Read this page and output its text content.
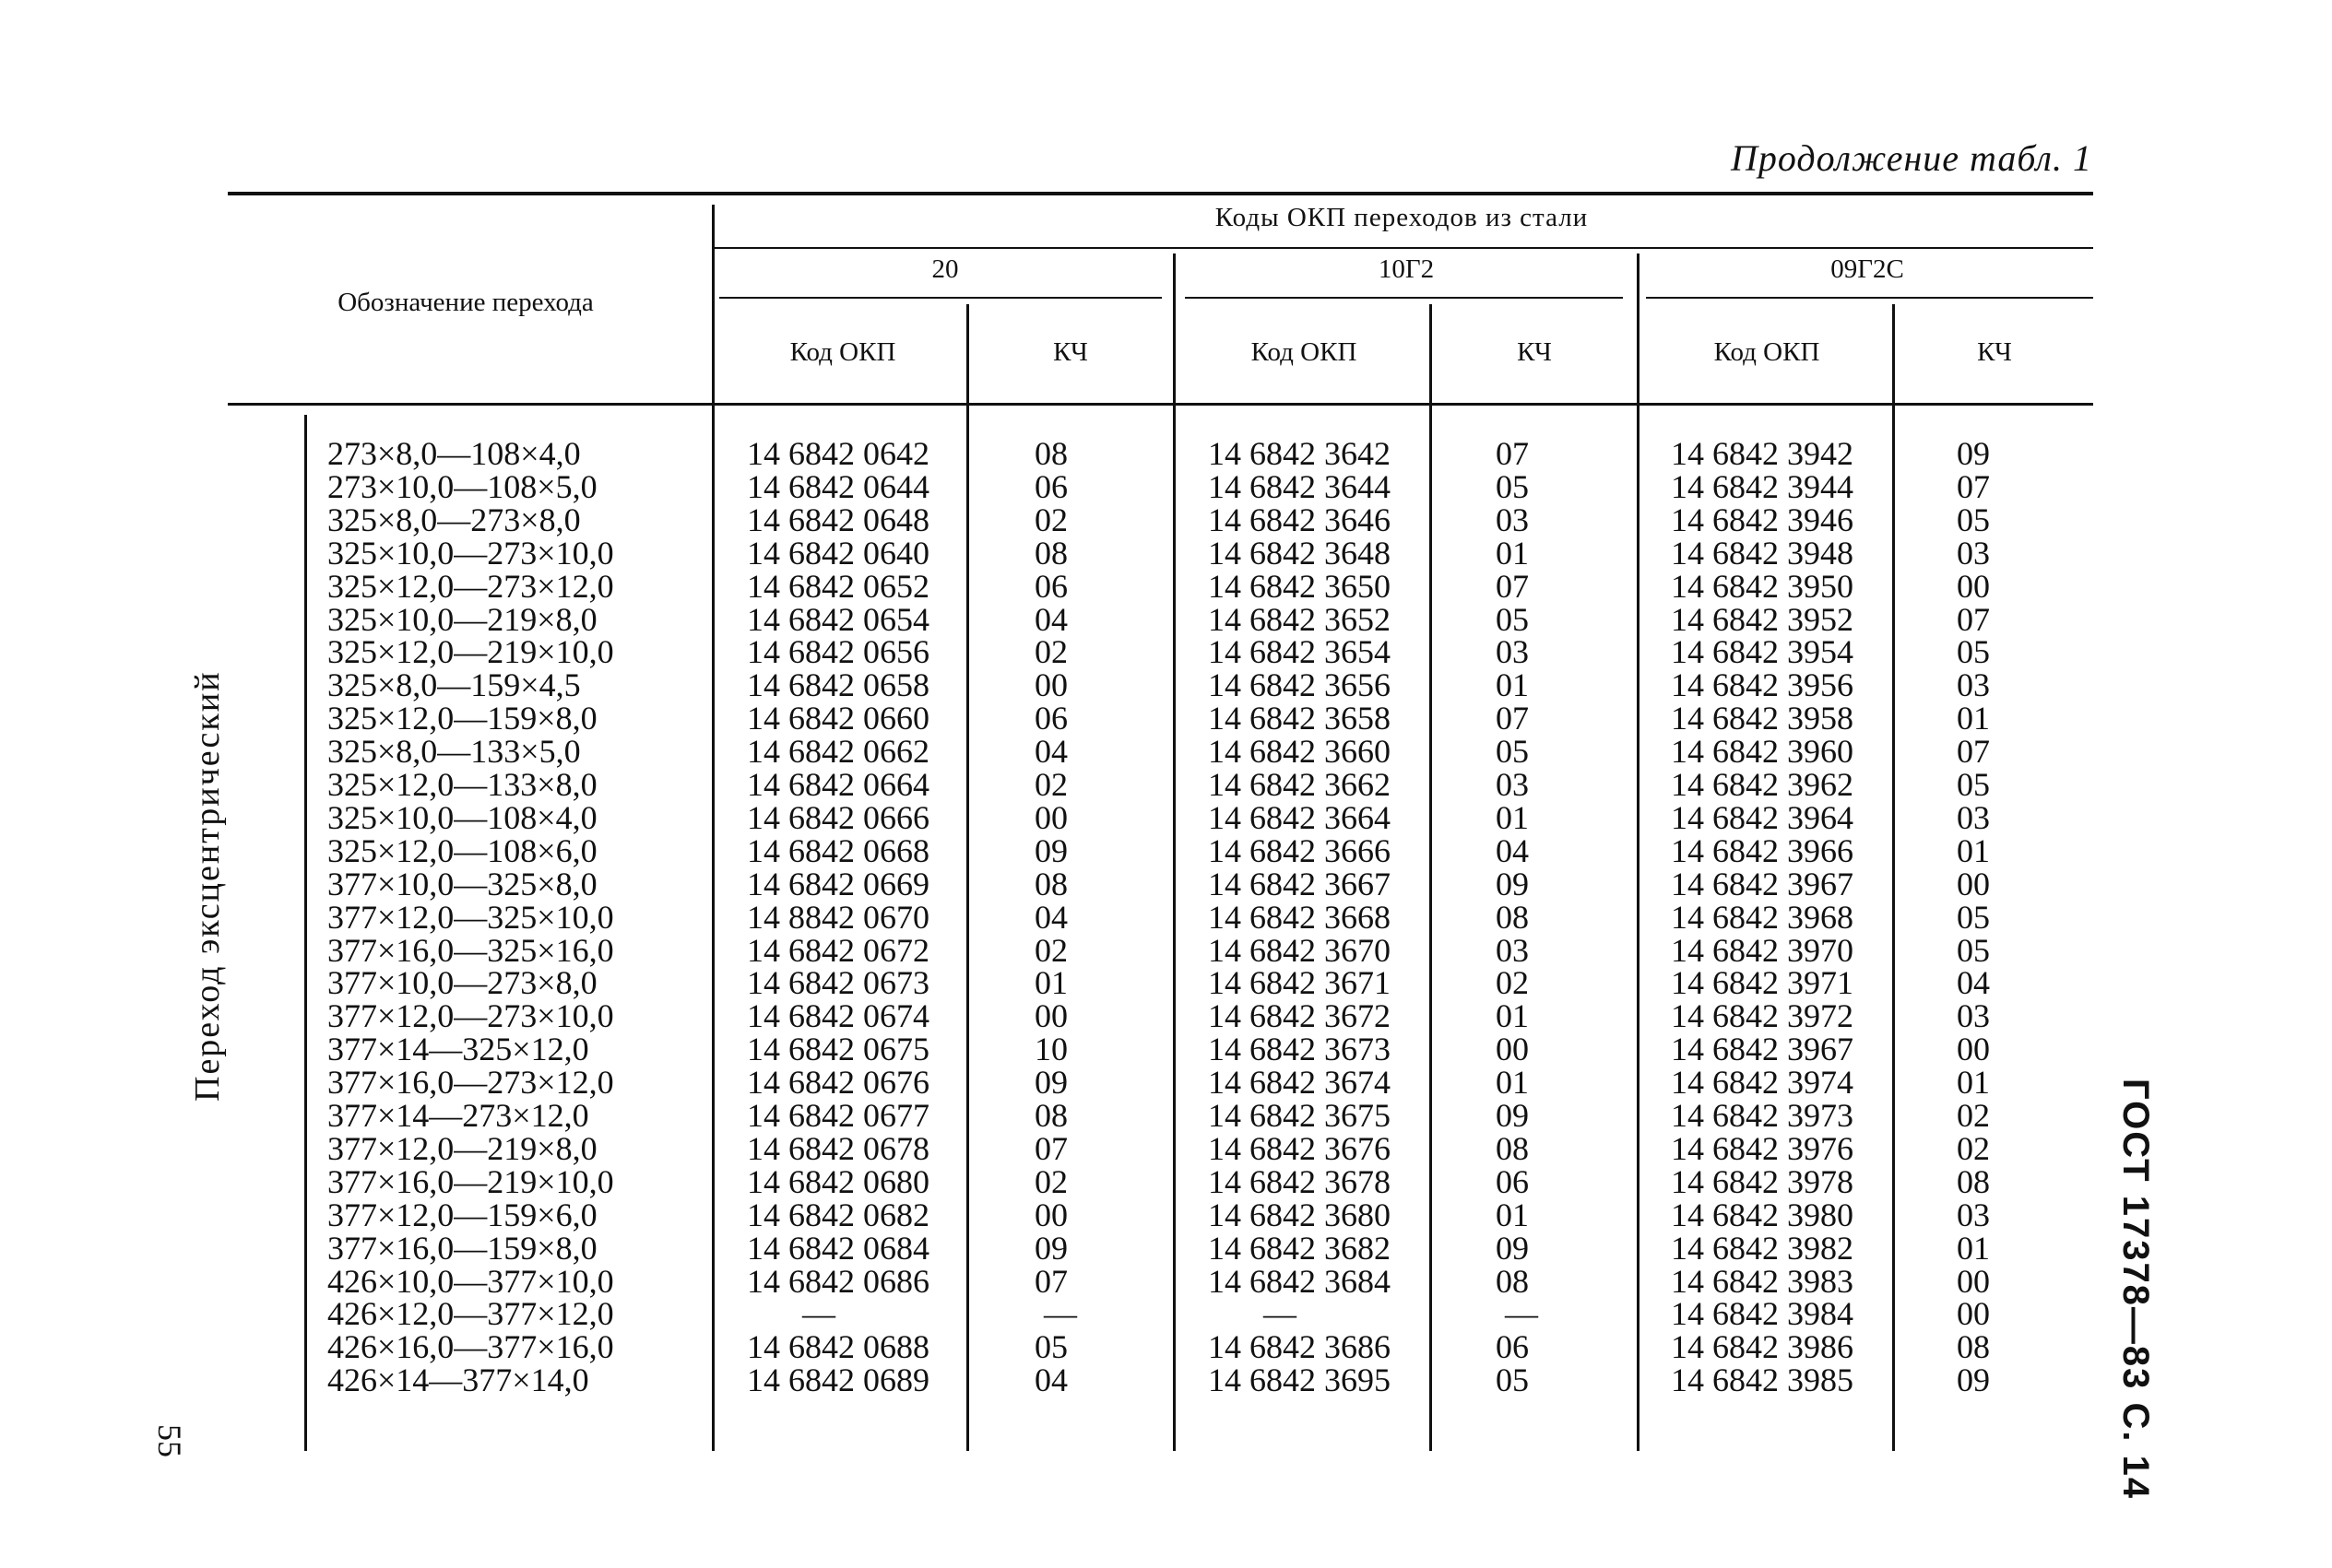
Продолжение табл. 1
Обозначение перехода
Коды ОКП переходов из стали
20	10Г2	09Г2С
Код ОКП	КЧ	Код ОКП	КЧ	Код ОКП	КЧ
Переход эксцентрический
ГОСТ 17378—83 С. 14
55
273×8,0—108×4,0	14 6842 0642	08	14 6842 3642	07	14 6842 3942	09
273×10,0—108×5,0	14 6842 0644	06	14 6842 3644	05	14 6842 3944	07
325×8,0—273×8,0	14 6842 0648	02	14 6842 3646	03	14 6842 3946	05
325×10,0—273×10,0	14 6842 0640	08	14 6842 3648	01	14 6842 3948	03
325×12,0—273×12,0	14 6842 0652	06	14 6842 3650	07	14 6842 3950	00
325×10,0—219×8,0	14 6842 0654	04	14 6842 3652	05	14 6842 3952	07
325×12,0—219×10,0	14 6842 0656	02	14 6842 3654	03	14 6842 3954	05
325×8,0—159×4,5	14 6842 0658	00	14 6842 3656	01	14 6842 3956	03
325×12,0—159×8,0	14 6842 0660	06	14 6842 3658	07	14 6842 3958	01
325×8,0—133×5,0	14 6842 0662	04	14 6842 3660	05	14 6842 3960	07
325×12,0—133×8,0	14 6842 0664	02	14 6842 3662	03	14 6842 3962	05
325×10,0—108×4,0	14 6842 0666	00	14 6842 3664	01	14 6842 3964	03
325×12,0—108×6,0	14 6842 0668	09	14 6842 3666	04	14 6842 3966	01
377×10,0—325×8,0	14 6842 0669	08	14 6842 3667	09	14 6842 3967	00
377×12,0—325×10,0	14 8842 0670	04	14 6842 3668	08	14 6842 3968	05
377×16,0—325×16,0	14 6842 0672	02	14 6842 3670	03	14 6842 3970	05
377×10,0—273×8,0	14 6842 0673	01	14 6842 3671	02	14 6842 3971	04
377×12,0—273×10,0	14 6842 0674	00	14 6842 3672	01	14 6842 3972	03
377×14—325×12,0	14 6842 0675	10	14 6842 3673	00	14 6842 3967	00
377×16,0—273×12,0	14 6842 0676	09	14 6842 3674	01	14 6842 3974	01
377×14—273×12,0	14 6842 0677	08	14 6842 3675	09	14 6842 3973	02
377×12,0—219×8,0	14 6842 0678	07	14 6842 3676	08	14 6842 3976	02
377×16,0—219×10,0	14 6842 0680	02	14 6842 3678	06	14 6842 3978	08
377×12,0—159×6,0	14 6842 0682	00	14 6842 3680	01	14 6842 3980	03
377×16,0—159×8,0	14 6842 0684	09	14 6842 3682	09	14 6842 3982	01
426×10,0—377×10,0	14 6842 0686	07	14 6842 3684	08	14 6842 3983	00
426×12,0—377×12,0	—	—	—	—	14 6842 3984	00
426×16,0—377×16,0	14 6842 0688	05	14 6842 3686	06	14 6842 3986	08
426×14—377×14,0	14 6842 0689	04	14 6842 3695	05	14 6842 3985	09
